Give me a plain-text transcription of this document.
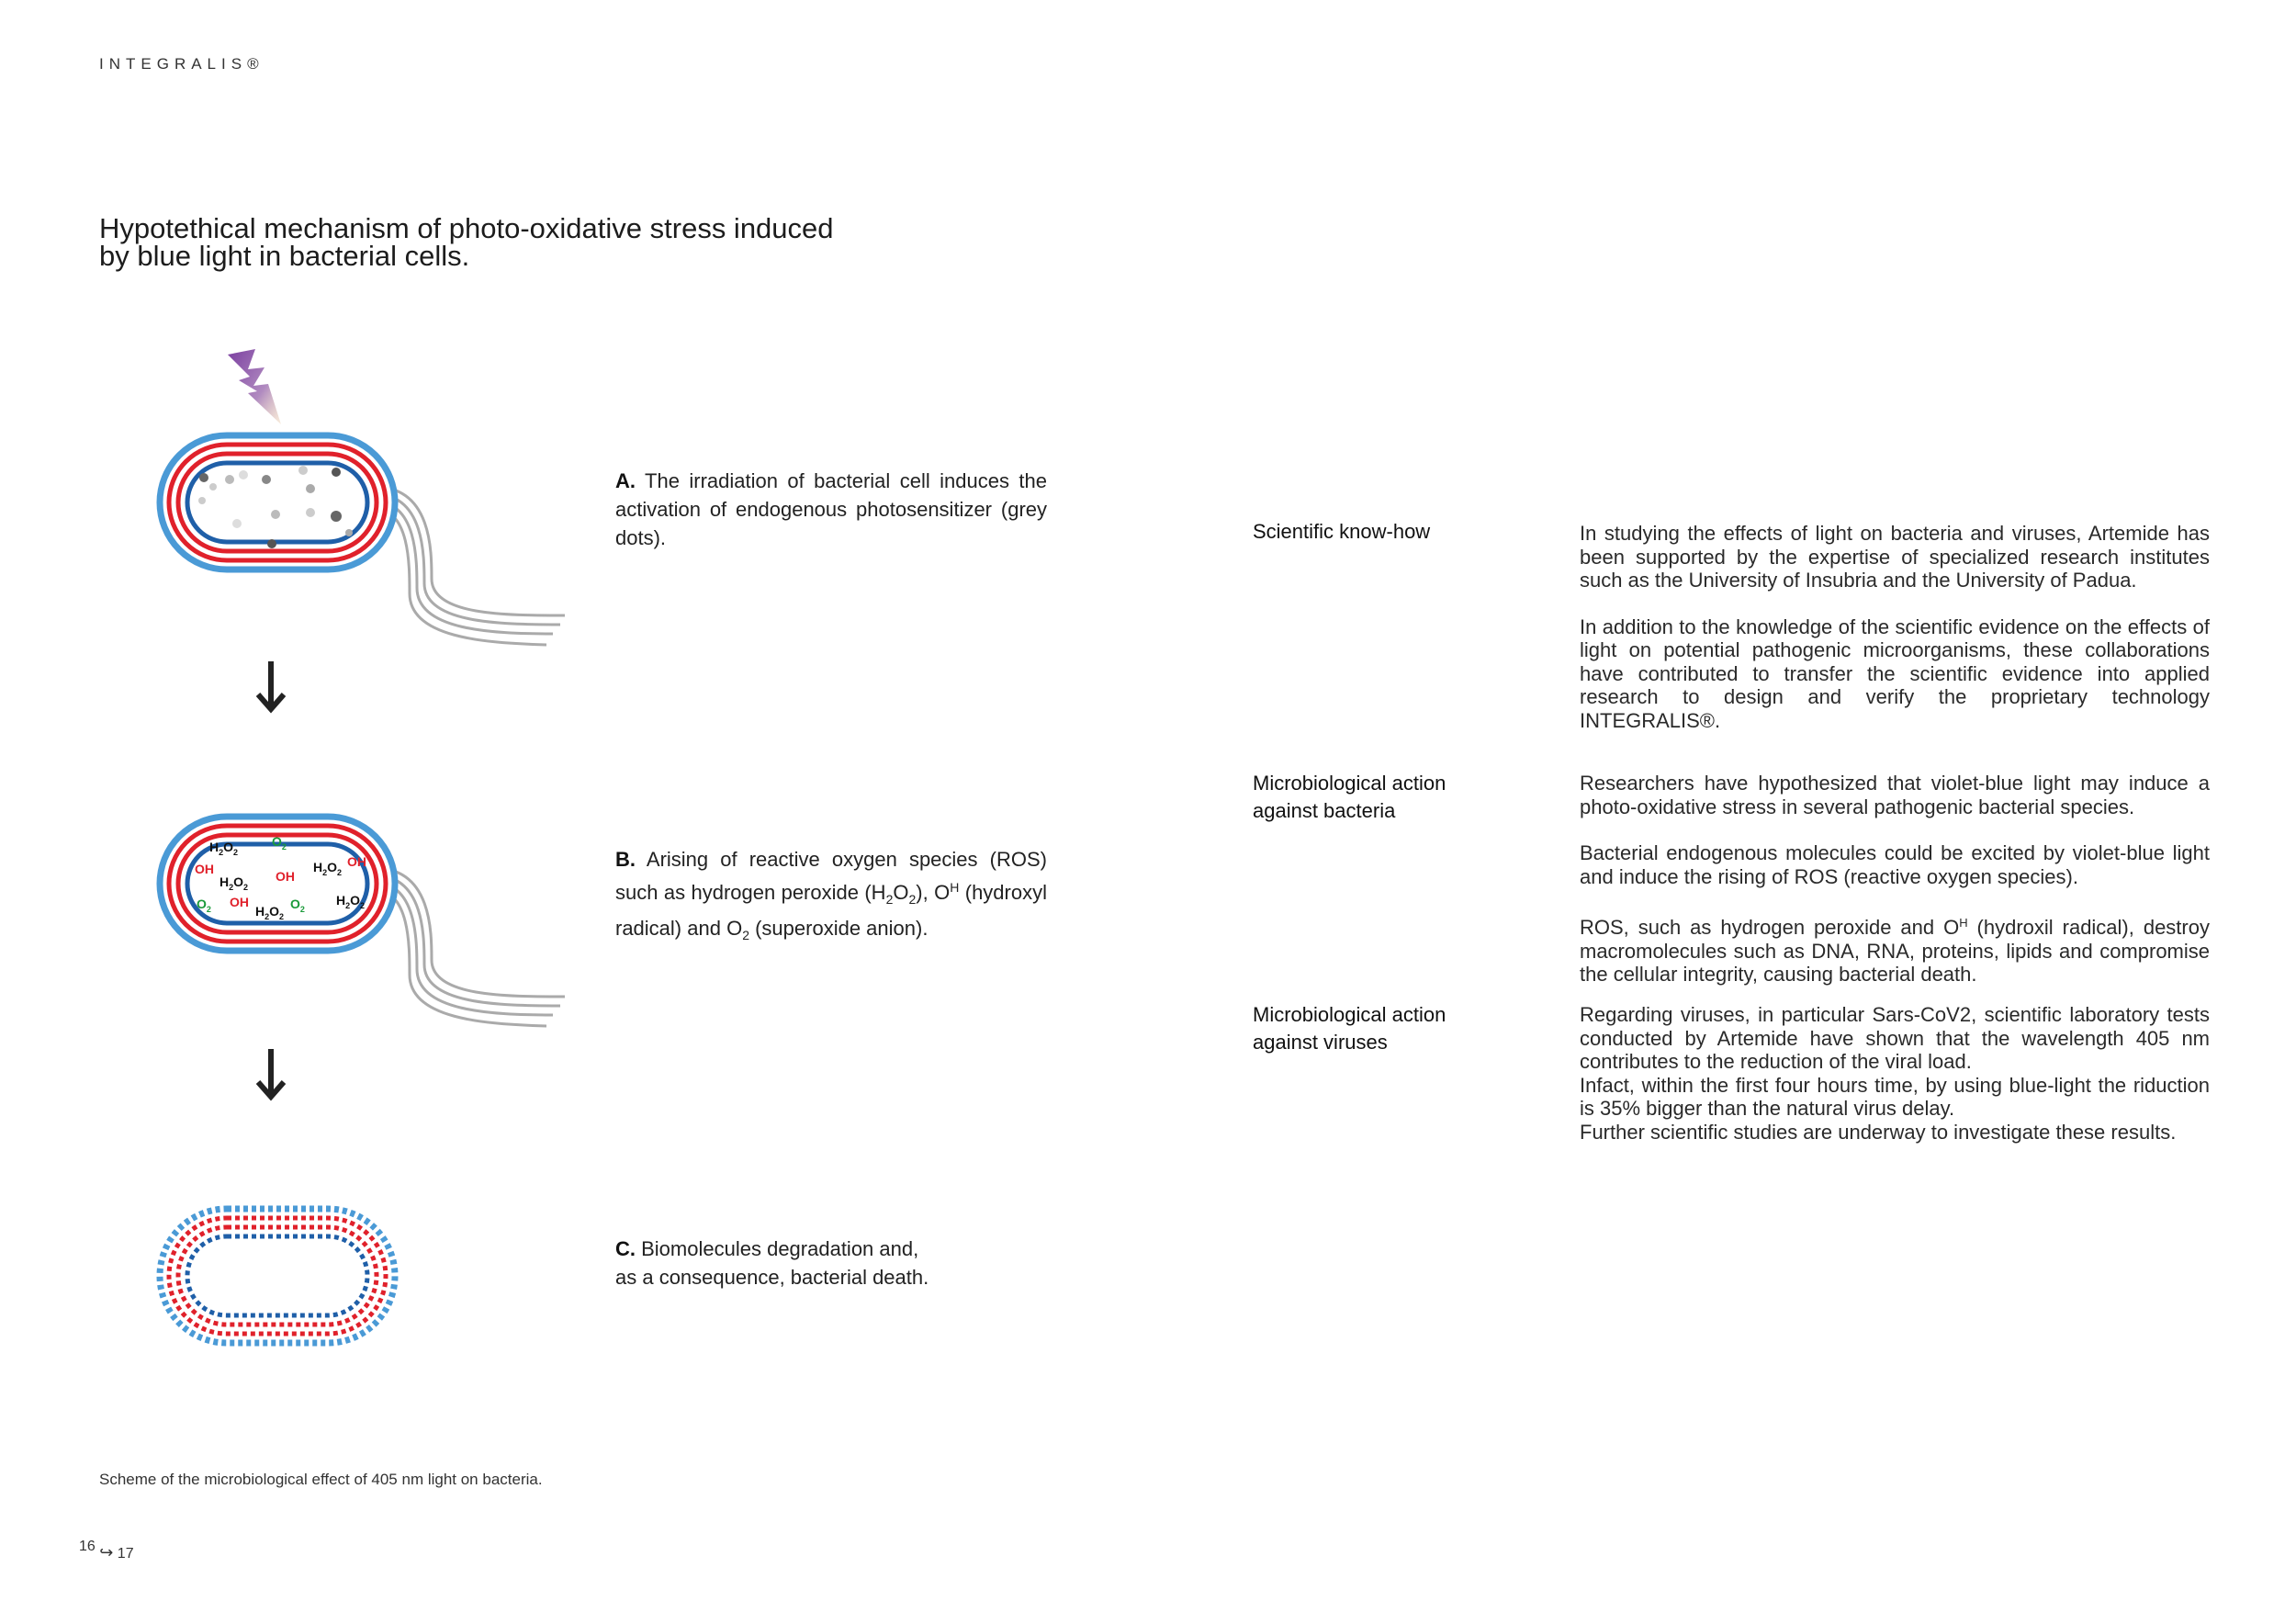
INTEGRALIS®
Hypotethical mechanism of photo-oxidative stress induced
by blue light in bacterial cells.
$H_2O_2$
$O_2$
OH	$H_2O_2$
OH
$H_2O_2$
OH
$H_2O_2$
$O_2$ OH
$H_2O_2$
$O_2$
A. The irradiation of bacterial cell induces the activation of endogenous photosensitizer (grey dots).
B. Arising of reactive oxygen species (ROS) such as hydrogen peroxide $(H_2O_2)$, $O^H$ (hydroxyl radical) and $O_2$ (superoxide anion).
C. Biomolecules degradation and,
as a consequence, bacterial death.
Scientific know-how	In studying the effects of light on bacteria and viruses, Artemide has been supported by the expertise of specialized research institutes such as the University of Insubria and the University of Padua.

In addition to the knowledge of the scientific evidence on the effects of light on potential pathogenic microorganisms, these collaborations have contributed to transfer the scientific evidence into applied research to design and verify the proprietary technology INTEGRALIS®.

Microbiological action
against bacteria

Researchers have hypothesized that violet-blue light may induce a photo-oxidative stress in several pathogenic bacterial species.

Bacterial endogenous molecules could be excited by violet-blue light and induce the rising of ROS (reactive oxygen species).

ROS, such as hydrogen peroxide and $O^H$ (hydroxil radical), destroy macromolecules such as DNA, RNA, proteins, lipids and compromise the cellular integrity, causing bacterial death.

Microbiological action
against viruses
Regarding viruses, in particular Sars-CoV2, scientific laboratory tests conducted by Artemide have shown that the wavelength 405 nm contributes to the reduction of the viral load.
Infact, within the first four hours time, by using blue-light the riduction is 35% bigger than the natural virus delay.
Further scientific studies are underway to investigate these results.
Scheme of the microbiological effect of 405 nm light on bacteria.
16 ↪ 17
